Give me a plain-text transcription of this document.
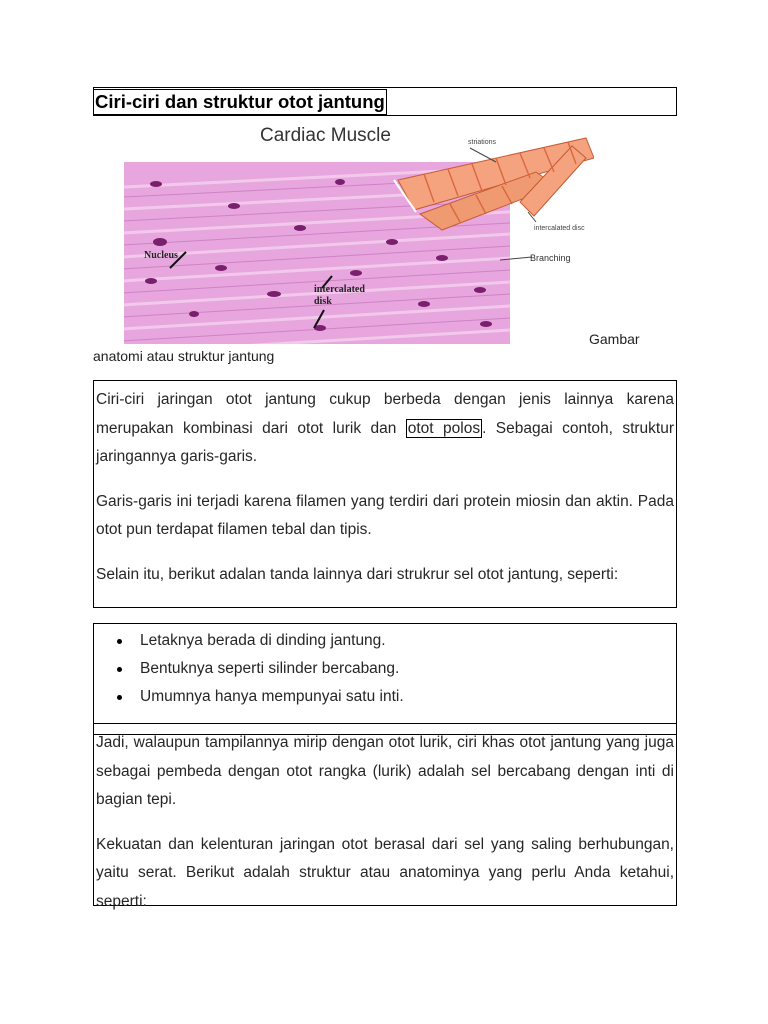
Ciri-ciri dan struktur otot jantung
Cardiac Muscle	striations
intercalated disc
Branching
Nucleus
intercalated
disk
Gambar
anatomi atau struktur jantung

Ciri-ciri jaringan otot jantung cukup berbeda dengan jenis lainnya karena merupakan kombinasi dari otot lurik dan otot polos . Sebagai contoh, struktur jaringannya garis-garis.

Garis-garis ini terjadi karena filamen yang terdiri dari protein miosin dan aktin. Pada otot pun terdapat filamen tebal dan tipis.

Selain itu, berikut adalan tanda lainnya dari strukrur sel otot jantung, seperti:

Letaknya berada di dinding jantung.
Bentuknya seperti silinder bercabang.
Umumnya hanya mempunyai satu inti.

Jadi, walaupun tampilannya mirip dengan otot lurik, ciri khas otot jantung yang juga sebagai pembeda dengan otot rangka (lurik) adalah sel bercabang dengan inti di bagian tepi.

Kekuatan dan kelenturan jaringan otot berasal dari sel yang saling berhubungan, yaitu serat. Berikut adalah struktur atau anatominya yang perlu Anda ketahui, seperti:
